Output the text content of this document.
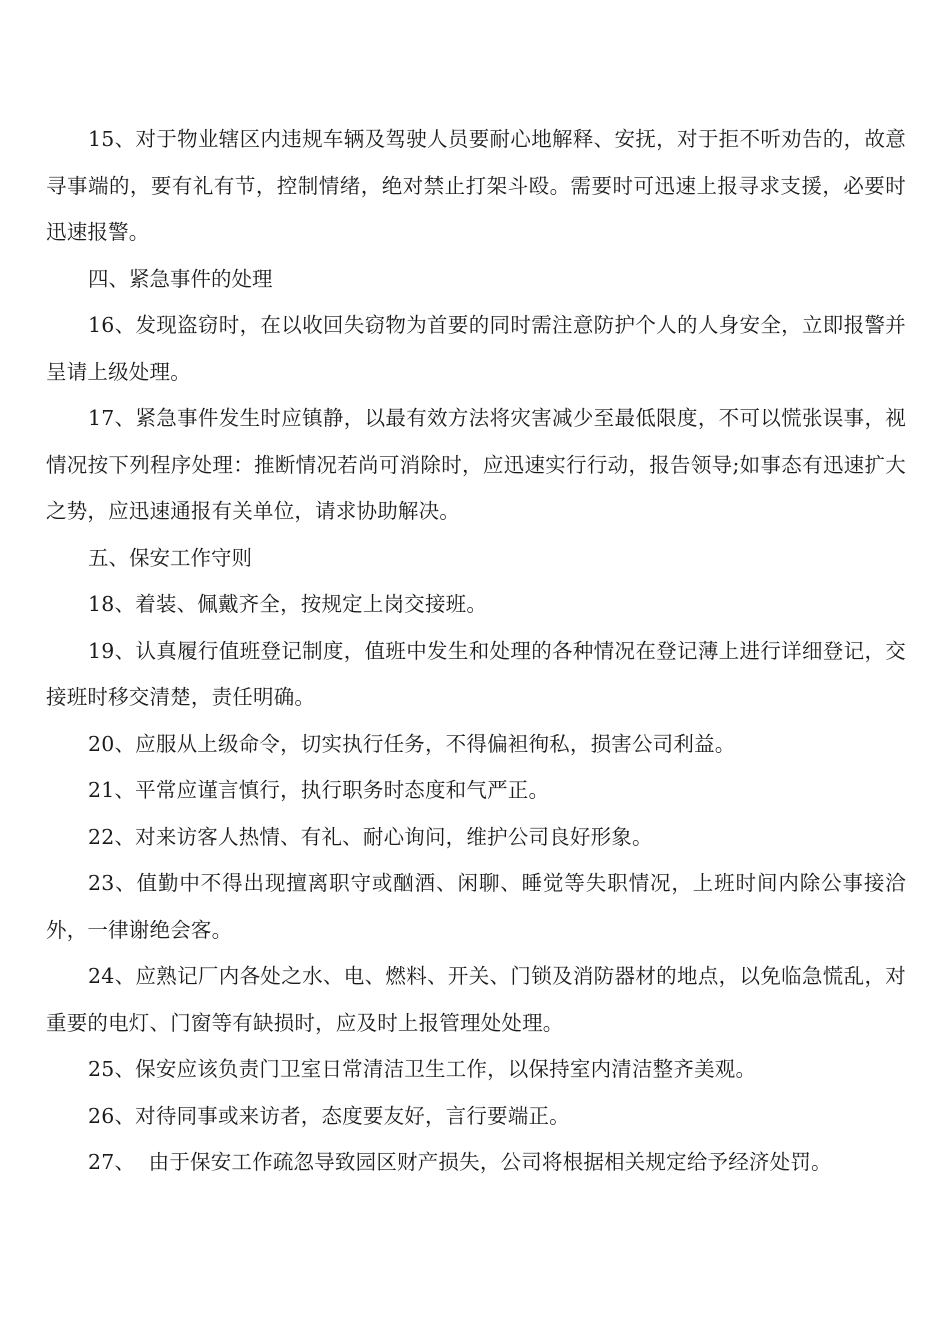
15、对于物业辖区内违规车辆及驾驶人员要耐心地解释、安抚，对于拒不听劝告的，故意寻事端的，要有礼有节，控制情绪，绝对禁止打架斗殴。需要时可迅速上报寻求支援，必要时迅速报警。

四、紧急事件的处理

16、发现盗窃时，在以收回失窃物为首要的同时需注意防护个人的人身安全，立即报警并呈请上级处理。

17、紧急事件发生时应镇静，以最有效方法将灾害减少至最低限度，不可以慌张误事，视情况按下列程序处理：推断情况若尚可消除时，应迅速实行行动，报告领导;如事态有迅速扩大之势，应迅速通报有关单位，请求协助解决。

五、保安工作守则

18、着装、佩戴齐全，按规定上岗交接班。

19、认真履行值班登记制度，值班中发生和处理的各种情况在登记薄上进行详细登记，交接班时移交清楚，责任明确。

20、应服从上级命令，切实执行任务，不得偏袒徇私，损害公司利益。

21、平常应谨言慎行，执行职务时态度和气严正。

22、对来访客人热情、有礼、耐心询问，维护公司良好形象。

23、值勤中不得出现擅离职守或酗酒、闲聊、睡觉等失职情况，上班时间内除公事接洽外，一律谢绝会客。

24、应熟记厂内各处之水、电、燃料、开关、门锁及消防器材的地点，以免临急慌乱，对重要的电灯、门窗等有缺损时，应及时上报管理处处理。

25、保安应该负责门卫室日常清洁卫生工作，以保持室内清洁整齐美观。

26、对待同事或来访者，态度要友好，言行要端正。

27、  由于保安工作疏忽导致园区财产损失，公司将根据相关规定给予经济处罚。
